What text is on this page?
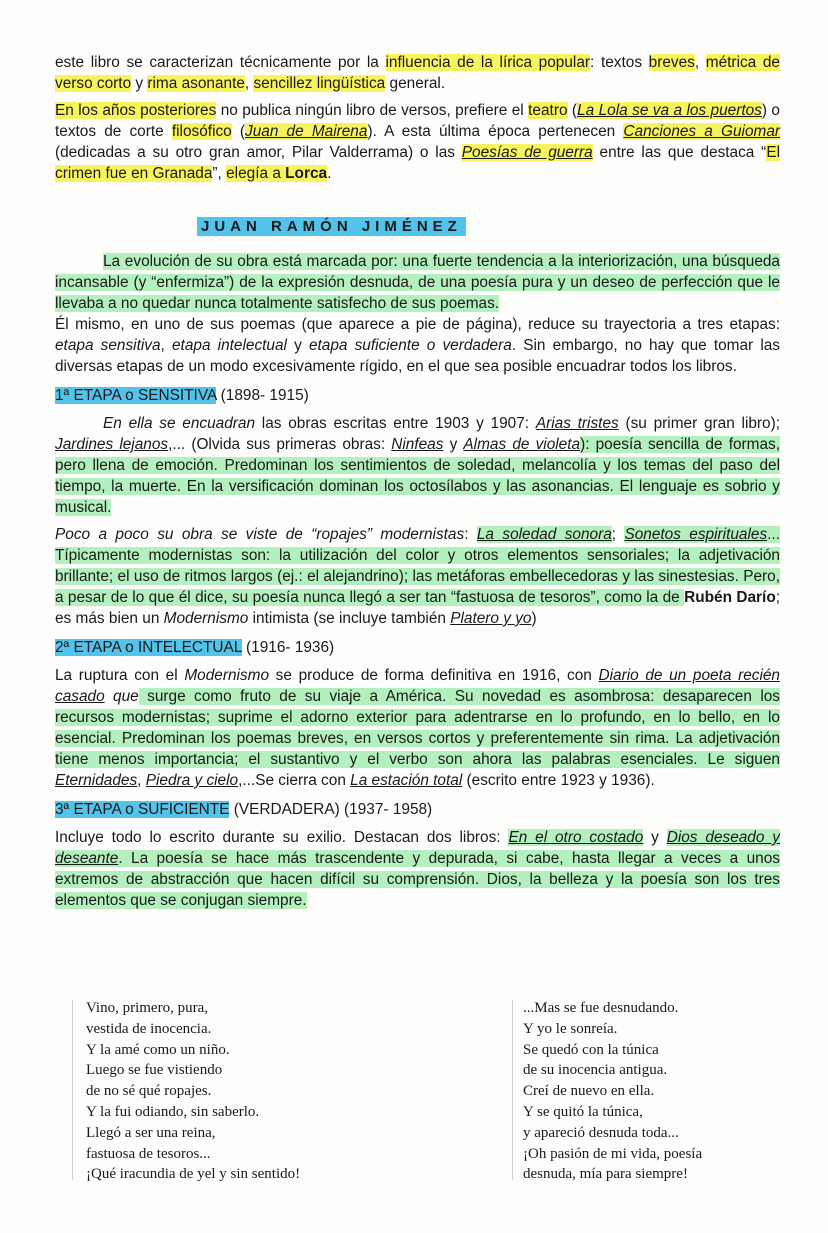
este libro se caracterizan técnicamente por la influencia de la lírica popular: textos breves, métrica de verso corto y rima asonante, sencillez lingüística general.

En los años posteriores no publica ningún libro de versos, prefiere el teatro (La Lola se va a los puertos) o textos de corte filosófico (Juan de Mairena). A esta última época pertenecen Canciones a Guiomar (dedicadas a su otro gran amor, Pilar Valderrama) o las Poesías de guerra entre las que destaca “El crimen fue en Granada”, elegía a Lorca.

JUAN RAMÓN JIMÉNEZ

La evolución de su obra está marcada por: una fuerte tendencia a la interiorización, una búsqueda incansable (y “enfermiza”) de la expresión desnuda, de una poesía pura y un deseo de perfección que le llevaba a no quedar nunca totalmente satisfecho de sus poemas.

Él mismo, en uno de sus poemas (que aparece a pie de página), reduce su trayectoria a tres etapas: etapa sensitiva, etapa intelectual y etapa suficiente o verdadera. Sin embargo, no hay que tomar las diversas etapas de un modo excesivamente rígido, en el que sea posible encuadrar todos los libros.

1ª ETAPA o SENSITIVA (1898- 1915)

En ella se encuadran las obras escritas entre 1903 y 1907: Arias tristes (su primer gran libro); Jardines lejanos,... (Olvida sus primeras obras: Ninfeas y Almas de violeta): poesía sencilla de formas, pero llena de emoción. Predominan los sentimientos de soledad, melancolía y los temas del paso del tiempo, la muerte. En la versificación dominan los octosílabos y las asonancias. El lenguaje es sobrio y musical.

Poco a poco su obra se viste de “ropajes” modernistas: La soledad sonora; Sonetos espirituales... Típicamente modernistas son: la utilización del color y otros elementos sensoriales; la adjetivación brillante; el uso de ritmos largos (ej.: el alejandrino); las metáforas embellecedoras y las sinestesias. Pero, a pesar de lo que él dice, su poesía nunca llegó a ser tan “fastuosa de tesoros”, como la de Rubén Darío; es más bien un Modernismo intimista (se incluye también Platero y yo)

2ª ETAPA o INTELECTUAL (1916- 1936)

La ruptura con el Modernismo se produce de forma definitiva en 1916, con Diario de un poeta recién casado que surge como fruto de su viaje a América. Su novedad es asombrosa: desaparecen los recursos modernistas; suprime el adorno exterior para adentrarse en lo profundo, en lo bello, en lo esencial. Predominan los poemas breves, en versos cortos y preferentemente sin rima. La adjetivación tiene menos importancia; el sustantivo y el verbo son ahora las palabras esenciales. Le siguen Eternidades, Piedra y cielo,...Se cierra con La estación total (escrito entre 1923 y 1936).

3ª ETAPA o SUFICIENTE (VERDADERA) (1937- 1958)

Incluye todo lo escrito durante su exilio. Destacan dos libros: En el otro costado y Dios deseado y deseante. La poesía se hace más trascendente y depurada, si cabe, hasta llegar a veces a unos extremos de abstracción que hacen difícil su comprensión. Dios, la belleza y la poesía son los tres elementos que se conjugan siempre.

Vino, primero, pura,
vestida de inocencia.
Y la amé como un niño.
Luego se fue vistiendo
de no sé qué ropajes.
Y la fui odiando, sin saberlo.
Llegó a ser una reina,
fastuosa de tesoros...
¡Qué iracundia de yel y sin sentido!
...Mas se fue desnudando.
Y yo le sonreía.
Se quedó con la túnica
de su inocencia antigua.
Creí de nuevo en ella.
Y se quitó la túnica,
y apareció desnuda toda...
¡Oh pasión de mi vida, poesía
desnuda, mía para siempre!
